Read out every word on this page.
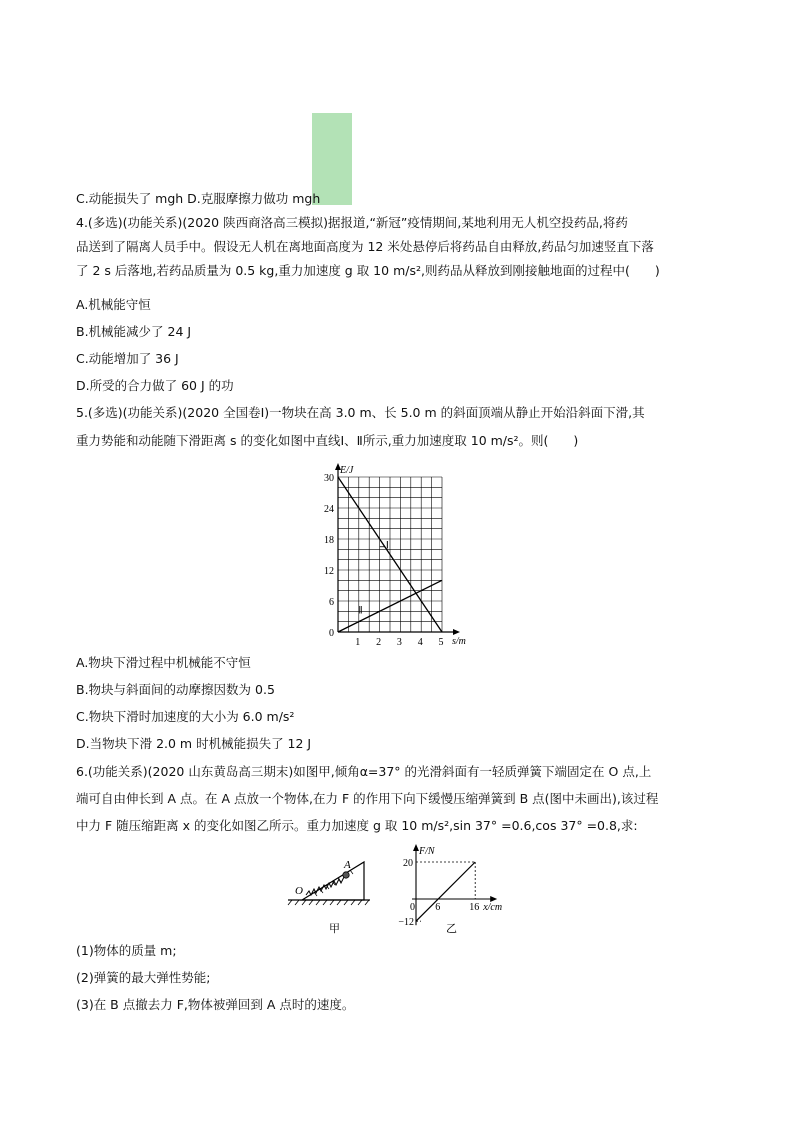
C.动能损失了 mgh D.克服摩擦力做功 mgh
4.(多选)(功能关系)(2020 陕西商洛高三模拟)据报道,“新冠”疫情期间,某地利用无人机空投药品,将药
品送到了隔离人员手中。假设无人机在离地面高度为 12 米处悬停后将药品自由释放,药品匀加速竖直下落
了 2 s 后落地,若药品质量为 0.5 kg,重力加速度 g 取 10 m/s²,则药品从释放到刚接触地面的过程中(　　)
A.机械能守恒
B.机械能减少了 24 J
C.动能增加了 36 J
D.所受的合力做了 60 J 的功
5.(多选)(功能关系)(2020 全国卷Ⅰ)一物块在高 3.0 m、长 5.0 m 的斜面顶端从静止开始沿斜面下滑,其
重力势能和动能随下滑距离 s 的变化如图中直线Ⅰ、Ⅱ所示,重力加速度取 10 m/s²。则(　　)
0
6
12
18
24
30
1 2 3 4 5
E/J
s/m
Ⅰ
Ⅱ
A.物块下滑过程中机械能不守恒
B.物块与斜面间的动摩擦因数为 0.5
C.物块下滑时加速度的大小为 6.0 m/s²
D.当物块下滑 2.0 m 时机械能损失了 12 J
6.(功能关系)(2020 山东黄岛高三期末)如图甲,倾角α=37° 的光滑斜面有一轻质弹簧下端固定在 O 点,上
端可自由伸长到 A 点。在 A 点放一个物体,在力 F 的作用下向下缓慢压缩弹簧到 B 点(图中未画出),该过程
中力 F 随压缩距离 x 的变化如图乙所示。重力加速度 g 取 10 m/s²,sin 37° =0.6,cos 37° =0.8,求:
A
O
甲
20
−12
0 6	16 x/cm
F/N
乙
(1)物体的质量 m;
(2)弹簧的最大弹性势能;
(3)在 B 点撤去力 F,物体被弹回到 A 点时的速度。
